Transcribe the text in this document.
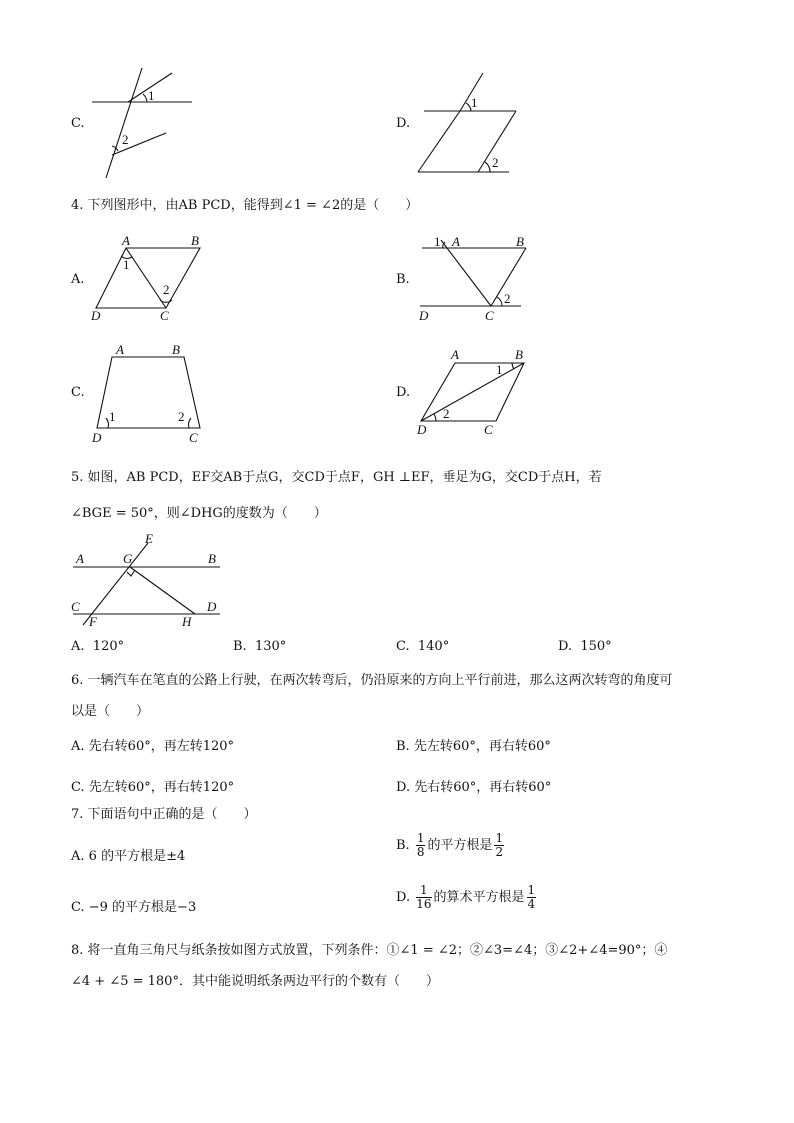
C.
1
2
D.
1
2
4. 下列图形中，由AB PCD，能得到∠1 = ∠2的是（　　）
A.
A	B
C
D
1
2
B.
1 A	B
C
D
2
C.
A	B
C
D
1	2
D.
A	B
C
D
1
2
5. 如图，AB PCD，EF交AB于点G，交CD于点F，GH ⊥EF，垂足为G，交CD于点H，若
∠BGE = 50°，则∠DHG的度数为（　　）
A	G
E
B
C	D
F	H
A. 120°	B. 130°	C. 140°	D. 150°
6. 一辆汽车在笔直的公路上行驶，在两次转弯后，仍沿原来的方向上平行前进，那么这两次转弯的角度可
以是（　　）
A. 先右转60°，再左转120°	B. 先左转60°，再右转60°
C. 先左转60°，再右转120°	D. 先右转60°，再右转60°
7. 下面语句中正确的是（　　）
A. 6 的平方根是±4
B. $\frac{1}{8}$ 的平方根是 $\frac{1}{2}$
C. −9 的平方根是−3
D. $\frac{1}{16}$ 的算术平方根是 $\frac{1}{4}$
8. 将一直角三角尺与纸条按如图方式放置，下列条件：①∠1 = ∠2；②∠3=∠4；③∠2+∠4=90°；④
∠4 + ∠5 = 180°．其中能说明纸条两边平行的个数有（　　）
